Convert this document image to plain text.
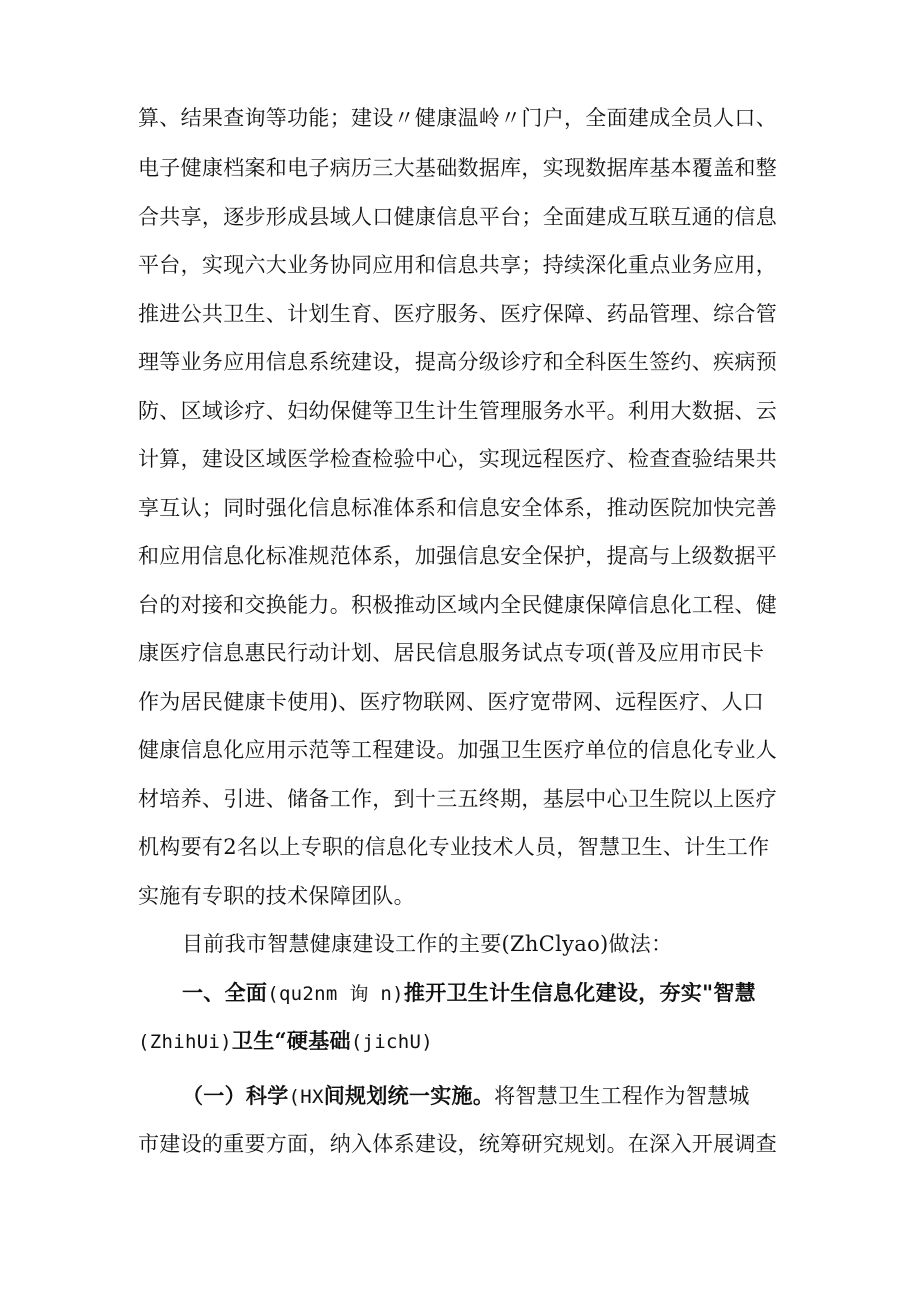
算、结果查询等功能；建设〃健康温岭〃门户，全面建成全员人口、
电子健康档案和电子病历三大基础数据库，实现数据库基本覆盖和整
合共享，逐步形成县域人口健康信息平台；全面建成互联互通的信息
平台，实现六大业务协同应用和信息共享；持续深化重点业务应用，
推进公共卫生、计划生育、医疗服务、医疗保障、药品管理、综合管
理等业务应用信息系统建设，提高分级诊疗和全科医生签约、疾病预
防、区域诊疗、妇幼保健等卫生计生管理服务水平。利用大数据、云
计算，建设区域医学检查检验中心，实现远程医疗、检查查验结果共
享互认；同时强化信息标准体系和信息安全体系，推动医院加快完善
和应用信息化标准规范体系，加强信息安全保护，提高与上级数据平
台的对接和交换能力。积极推动区域内全民健康保障信息化工程、健
康医疗信息惠民行动计划、居民信息服务试点专项(普及应用市民卡
作为居民健康卡使用)、医疗物联网、医疗宽带网、远程医疗、人口
健康信息化应用示范等工程建设。加强卫生医疗单位的信息化专业人
材培养、引进、储备工作，到十三五终期，基层中心卫生院以上医疗
机构要有2名以上专职的信息化专业技术人员，智慧卫生、计生工作
实施有专职的技术保障团队。
目前我市智慧健康建设工作的主要(ZhClyao)做法：
一、全面(qu2nm 询 n)推开卫生计生信息化建设，夯实"智慧
(ZhihUi)卫生“硬基础(jichU)
（一）科学(HX间规划统一实施。将智慧卫生工程作为智慧城
市建设的重要方面，纳入体系建设，统筹研究规划。在深入开展调查
